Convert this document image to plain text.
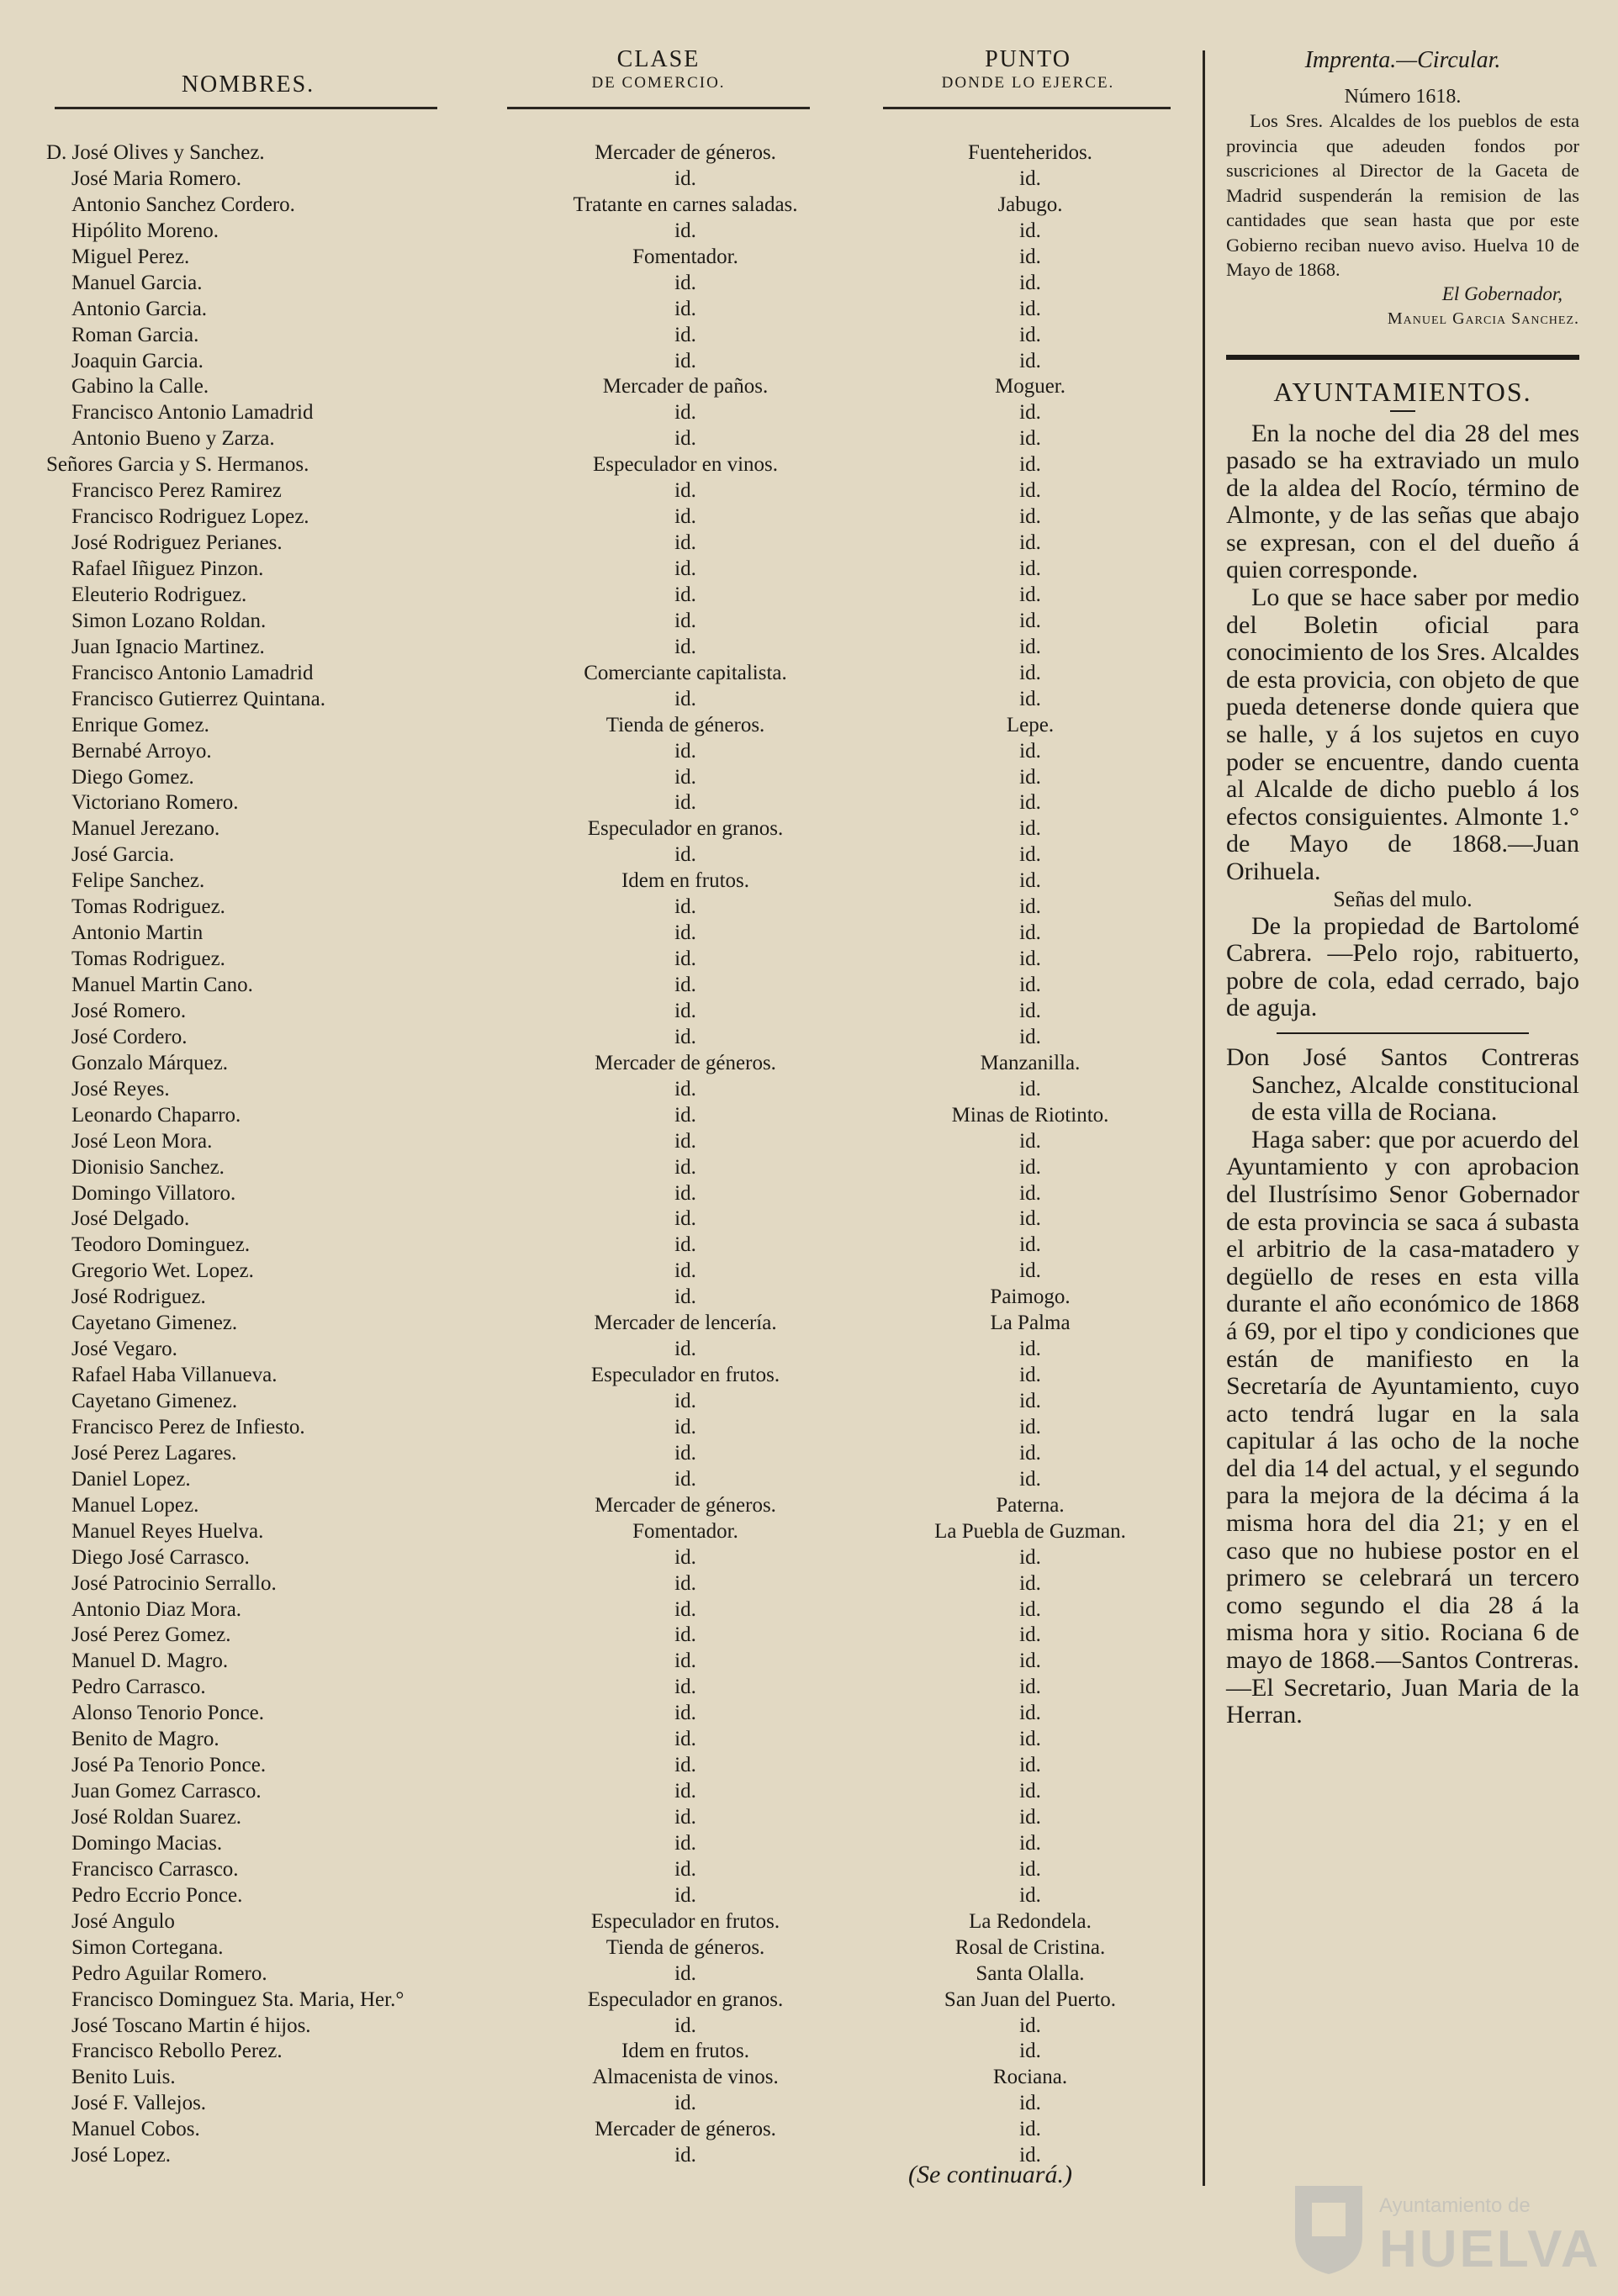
NOMBRES.
CLASE
DE COMERCIO.
PUNTO
DONDE LO EJERCE.
D. José Olives y Sanchez.	Mercader de géneros.	Fuenteheridos.
José Maria Romero.	id.	id.
Antonio Sanchez Cordero.	Tratante en carnes saladas.	Jabugo.
Hipólito Moreno.	id.	id.
Miguel Perez.	Fomentador.	id.
Manuel Garcia.	id.	id.
Antonio Garcia.	id.	id.
Roman Garcia.	id.	id.
Joaquin Garcia.	id.	id.
Gabino la Calle.	Mercader de paños.	Moguer.
Francisco Antonio Lamadrid	id.	id.
Antonio Bueno y Zarza.	id.	id.
Señores Garcia y S. Hermanos.	Especulador en vinos.	id.
Francisco Perez Ramirez	id.	id.
Francisco Rodriguez Lopez.	id.	id.
José Rodriguez Perianes.	id.	id.
Rafael Iñiguez Pinzon.	id.	id.
Eleuterio Rodriguez.	id.	id.
Simon Lozano Roldan.	id.	id.
Juan Ignacio Martinez.	id.	id.
Francisco Antonio Lamadrid	Comerciante capitalista.	id.
Francisco Gutierrez Quintana.	id.	id.
Enrique Gomez.	Tienda de géneros.	Lepe.
Bernabé Arroyo.	id.	id.
Diego Gomez.	id.	id.
Victoriano Romero.	id.	id.
Manuel Jerezano.	Especulador en granos.	id.
José Garcia.	id.	id.
Felipe Sanchez.	Idem en frutos.	id.
Tomas Rodriguez.	id.	id.
Antonio Martin	id.	id.
Tomas Rodriguez.	id.	id.
Manuel Martin Cano.	id.	id.
José Romero.	id.	id.
José Cordero.	id.	id.
Gonzalo Márquez.	Mercader de géneros.	Manzanilla.
José Reyes.	id.	id.
Leonardo Chaparro.	id.	Minas de Riotinto.
José Leon Mora.	id.	id.
Dionisio Sanchez.	id.	id.
Domingo Villatoro.	id.	id.
José Delgado.	id.	id.
Teodoro Dominguez.	id.	id.
Gregorio Wet. Lopez.	id.	id.
José Rodriguez.	id.	Paimogo.
Cayetano Gimenez.	Mercader de lencería.	La Palma
José Vegaro.	id.	id.
Rafael Haba Villanueva.	Especulador en frutos.	id.
Cayetano Gimenez.	id.	id.
Francisco Perez de Infiesto.	id.	id.
José Perez Lagares.	id.	id.
Daniel Lopez.	id.	id.
Manuel Lopez.	Mercader de géneros.	Paterna.
Manuel Reyes Huelva.	Fomentador.	La Puebla de Guzman.
Diego José Carrasco.	id.	id.
José Patrocinio Serrallo.	id.	id.
Antonio Diaz Mora.	id.	id.
José Perez Gomez.	id.	id.
Manuel D. Magro.	id.	id.
Pedro Carrasco.	id.	id.
Alonso Tenorio Ponce.	id.	id.
Benito de Magro.	id.	id.
José Pa Tenorio Ponce.	id.	id.
Juan Gomez Carrasco.	id.	id.
José Roldan Suarez.	id.	id.
Domingo Macias.	id.	id.
Francisco Carrasco.	id.	id.
Pedro Eccrio Ponce.	id.	id.
José Angulo	Especulador en frutos.	La Redondela.
Simon Cortegana.	Tienda de géneros.	Rosal de Cristina.
Pedro Aguilar Romero.	id.	Santa Olalla.
Francisco Dominguez Sta. Maria, Her.°	Especulador en granos.	San Juan del Puerto.
José Toscano Martin é hijos.	id.	id.
Francisco Rebollo Perez.	Idem en frutos.	id.
Benito Luis.	Almacenista de vinos.	Rociana.
José F. Vallejos.	id.	id.
Manuel Cobos.	Mercader de géneros.	id.
José Lopez.	id.	id.
(Se continuará.)
Imprenta.—Circular.
Número 1618.

Los Sres. Alcaldes de los pueblos de esta provincia que adeuden fondos por suscriciones al Director de la Gaceta de Madrid suspenderán la remision de las cantidades que sean hasta que por este Gobierno reciban nuevo aviso. Huelva 10 de Mayo de 1868.

El Gobernador,
Manuel Garcia Sanchez.
AYUNTAMIENTOS.

En la noche del dia 28 del mes pasado se ha extraviado un mulo de la aldea del Rocío, término de Almonte, y de las señas que abajo se expresan, con el del dueño á quien corresponde.

Lo que se hace saber por medio del Boletin oficial para conocimiento de los Sres. Alcaldes de esta provicia, con objeto de que pueda detenerse donde quiera que se halle, y á los sujetos en cuyo poder se encuentre, dando cuenta al Alcalde de dicho pueblo á los efectos consiguientes. Almonte 1.° de Mayo de 1868.—Juan Orihuela.

Señas del mulo.

De la propiedad de Bartolomé Cabrera. —Pelo rojo, rabituerto, pobre de cola, edad cerrado, bajo de aguja.

Don José Santos Contreras Sanchez, Alcalde constitucional de esta villa de Rociana.

Haga saber: que por acuerdo del Ayuntamiento y con aprobacion del Ilustrísimo Senor Gobernador de esta provincia se saca á subasta el arbitrio de la casa-matadero y degüello de reses en esta villa durante el año económico de 1868 á 69, por el tipo y condiciones que están de manifiesto en la Secretaría de Ayuntamiento, cuyo acto tendrá lugar en la sala capitular á las ocho de la noche del dia 14 del actual, y el segundo para la mejora de la décima á la misma hora del dia 21; y en el caso que no hubiese postor en el primero se celebrará un tercero como segundo el dia 28 á la misma hora y sitio. Rociana 6 de mayo de 1868.—Santos Contreras.—El Secretario, Juan Maria de la Herran.

Ayuntamiento de
HUELVA
